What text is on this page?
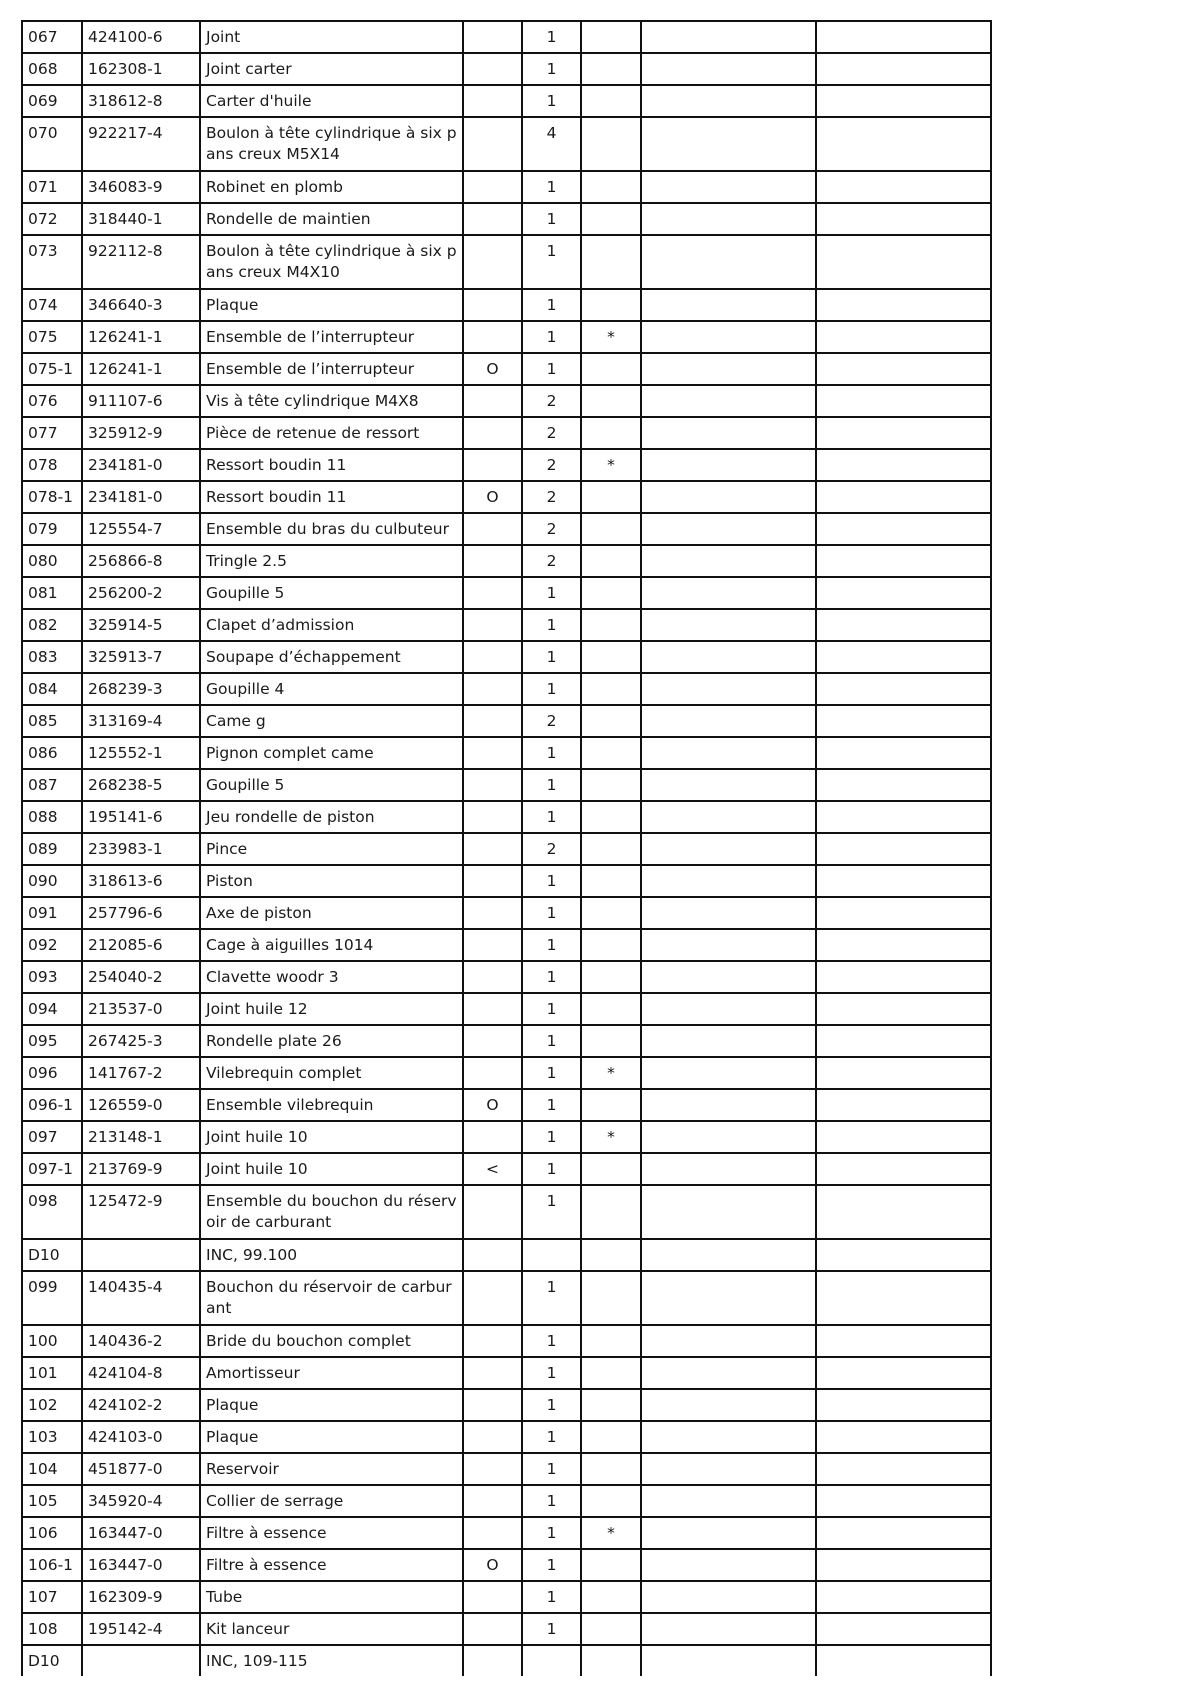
067	424100-6	Joint		1			
068	162308-1	Joint carter		1			
069	318612-8	Carter d'huile		1			
070	922217-4	Boulon à tête cylindrique à six pans creux M5X14		4			
071	346083-9	Robinet en plomb		1			
072	318440-1	Rondelle de maintien		1			
073	922112-8	Boulon à tête cylindrique à six pans creux M4X10		1			
074	346640-3	Plaque		1			
075	126241-1	Ensemble de l’interrupteur		1	*		
075-1	126241-1	Ensemble de l’interrupteur	O	1			
076	911107-6	Vis à tête cylindrique M4X8		2			
077	325912-9	Pièce de retenue de ressort		2			
078	234181-0	Ressort boudin 11		2	*		
078-1	234181-0	Ressort boudin 11	O	2			
079	125554-7	Ensemble du bras du culbuteur		2			
080	256866-8	Tringle 2.5		2			
081	256200-2	Goupille 5		1			
082	325914-5	Clapet d’admission		1			
083	325913-7	Soupape d’échappement		1			
084	268239-3	Goupille 4		1			
085	313169-4	Came g		2			
086	125552-1	Pignon complet came		1			
087	268238-5	Goupille 5		1			
088	195141-6	Jeu rondelle de piston		1			
089	233983-1	Pince		2			
090	318613-6	Piston		1			
091	257796-6	Axe de piston		1			
092	212085-6	Cage à aiguilles 1014		1			
093	254040-2	Clavette woodr 3		1			
094	213537-0	Joint huile 12		1			
095	267425-3	Rondelle plate 26		1			
096	141767-2	Vilebrequin complet		1	*		
096-1	126559-0	Ensemble vilebrequin	O	1			
097	213148-1	Joint huile 10		1	*		
097-1	213769-9	Joint huile 10	<	1			
098	125472-9	Ensemble du bouchon du réservoir de carburant		1			
D10		INC, 99.100					
099	140435-4	Bouchon du réservoir de carburant		1			
100	140436-2	Bride du bouchon complet		1			
101	424104-8	Amortisseur		1			
102	424102-2	Plaque		1			
103	424103-0	Plaque		1			
104	451877-0	Reservoir		1			
105	345920-4	Collier de serrage		1			
106	163447-0	Filtre à essence		1	*		
106-1	163447-0	Filtre à essence	O	1			
107	162309-9	Tube		1			
108	195142-4	Kit lanceur		1			
D10		INC, 109-115					
